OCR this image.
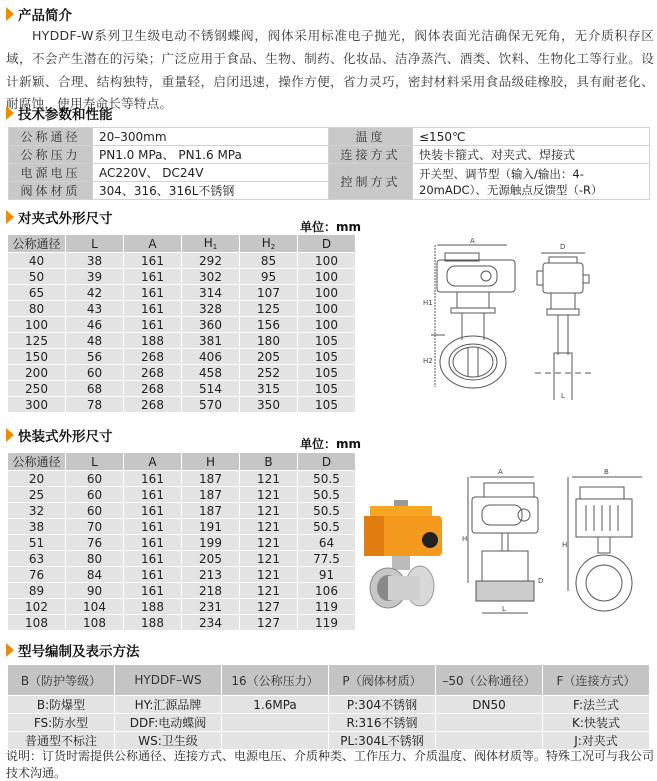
产品简介
HYDDF-W系列卫生级电动不锈钢蝶阀，阀体采用标准电子抛光，阀体表面光洁确保无死角，无介质积存区域，不会产生潜在的污染；广泛应用于食品、生物、制药、化妆品、洁净蒸汽、酒类、饮料、生物化工等行业。设计新颖、合理、结构独特，重量轻，启闭迅速，操作方便，省力灵巧，密封材料采用食品级硅橡胶，具有耐老化、耐腐蚀，使用寿命长等特点。
技术参数和性能
公称通径	20–300mm	温度	≤150℃
公称压力	PN1.0 MPa、 PN1.6 MPa	连接方式	快装卡箍式、对夹式、焊接式
电源电压	AC220V、 DC24V	控制方式	开关型、调节型（输入/输出：4-20mADC）、无源触点反馈型（-R）
阀体材质	304、316、316L不锈钢		
对夹式外形尺寸	单位：mm
公称通径	L	A	$H_1$	$H_2$	D
40	38	161	292	85	100
50	39	161	302	95	100
65	42	161	314	107	100
80	43	161	328	125	100
100	46	161	360	156	100
125	48	188	381	180	105
150	56	268	406	205	105
200	60	268	458	252	105
250	68	268	514	315	105
300	78	268	570	350	105
A
H1
H2
D
L
快装式外形尺寸	单位：mm
公称通径	L	A	H	B	D
20	60	161	187	121	50.5
25	60	161	187	121	50.5
32	60	161	187	121	50.5
38	70	161	191	121	50.5
51	76	161	199	121	64
63	80	161	205	121	77.5
76	84	161	213	121	91
89	90	161	218	121	106
102	104	188	231	127	119
108	108	188	234	127	119
A
H
D
L
B
H
型号编制及表示方法
B（防护等级）	HYDDF–WS	16（公称压力）	P（阀体材质）	–50（公称通径）	F（连接方式）
B:防爆型	HY:汇源品牌	1.6MPa	P:304不锈钢	DN50	F:法兰式
FS:防水型	DDF:电动蝶阀		R:316不锈钢		K:快装式
普通型不标注	WS:卫生级		PL:304L不锈钢		J:对夹式
说明：订货时需提供公称通径、连接方式、电源电压、介质种类、工作压力、介质温度、阀体材质等。特殊工况可与我公司技术沟通。
